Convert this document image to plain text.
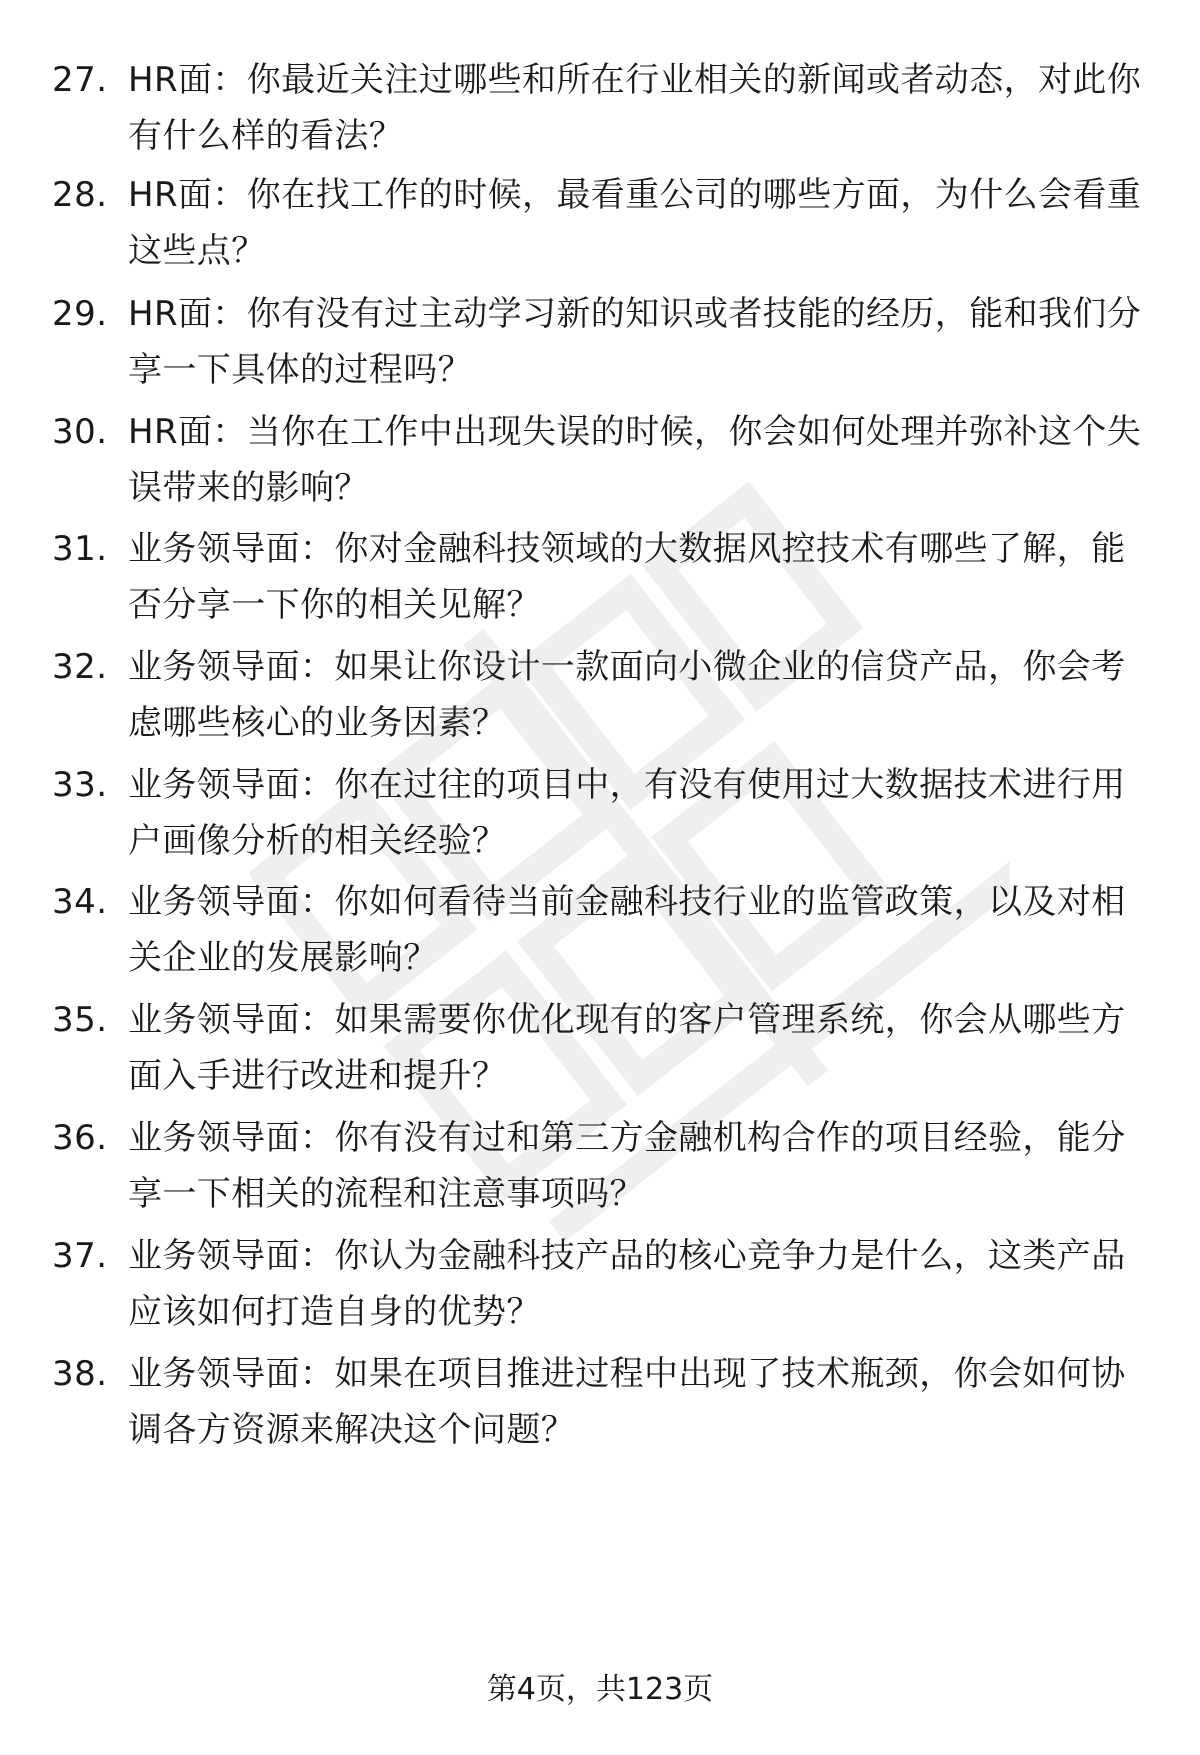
27. HR面：你最近关注过哪些和所在行业相关的新闻或者动态，对此你有什么样的看法？
28. HR面：你在找工作的时候，最看重公司的哪些方面，为什么会看重这些点？
29. HR面：你有没有过主动学习新的知识或者技能的经历，能和我们分享一下具体的过程吗？
30. HR面：当你在工作中出现失误的时候，你会如何处理并弥补这个失误带来的影响？
31. 业务领导面：你对金融科技领域的大数据风控技术有哪些了解，能否分享一下你的相关见解？
32. 业务领导面：如果让你设计一款面向小微企业的信贷产品，你会考虑哪些核心的业务因素？
33. 业务领导面：你在过往的项目中，有没有使用过大数据技术进行用户画像分析的相关经验？
34. 业务领导面：你如何看待当前金融科技行业的监管政策，以及对相关企业的发展影响？
35. 业务领导面：如果需要你优化现有的客户管理系统，你会从哪些方面入手进行改进和提升？
36. 业务领导面：你有没有过和第三方金融机构合作的项目经验，能分享一下相关的流程和注意事项吗？
37. 业务领导面：你认为金融科技产品的核心竞争力是什么，这类产品应该如何打造自身的优势？
38. 业务领导面：如果在项目推进过程中出现了技术瓶颈，你会如何协调各方资源来解决这个问题？
第4页，共123页
